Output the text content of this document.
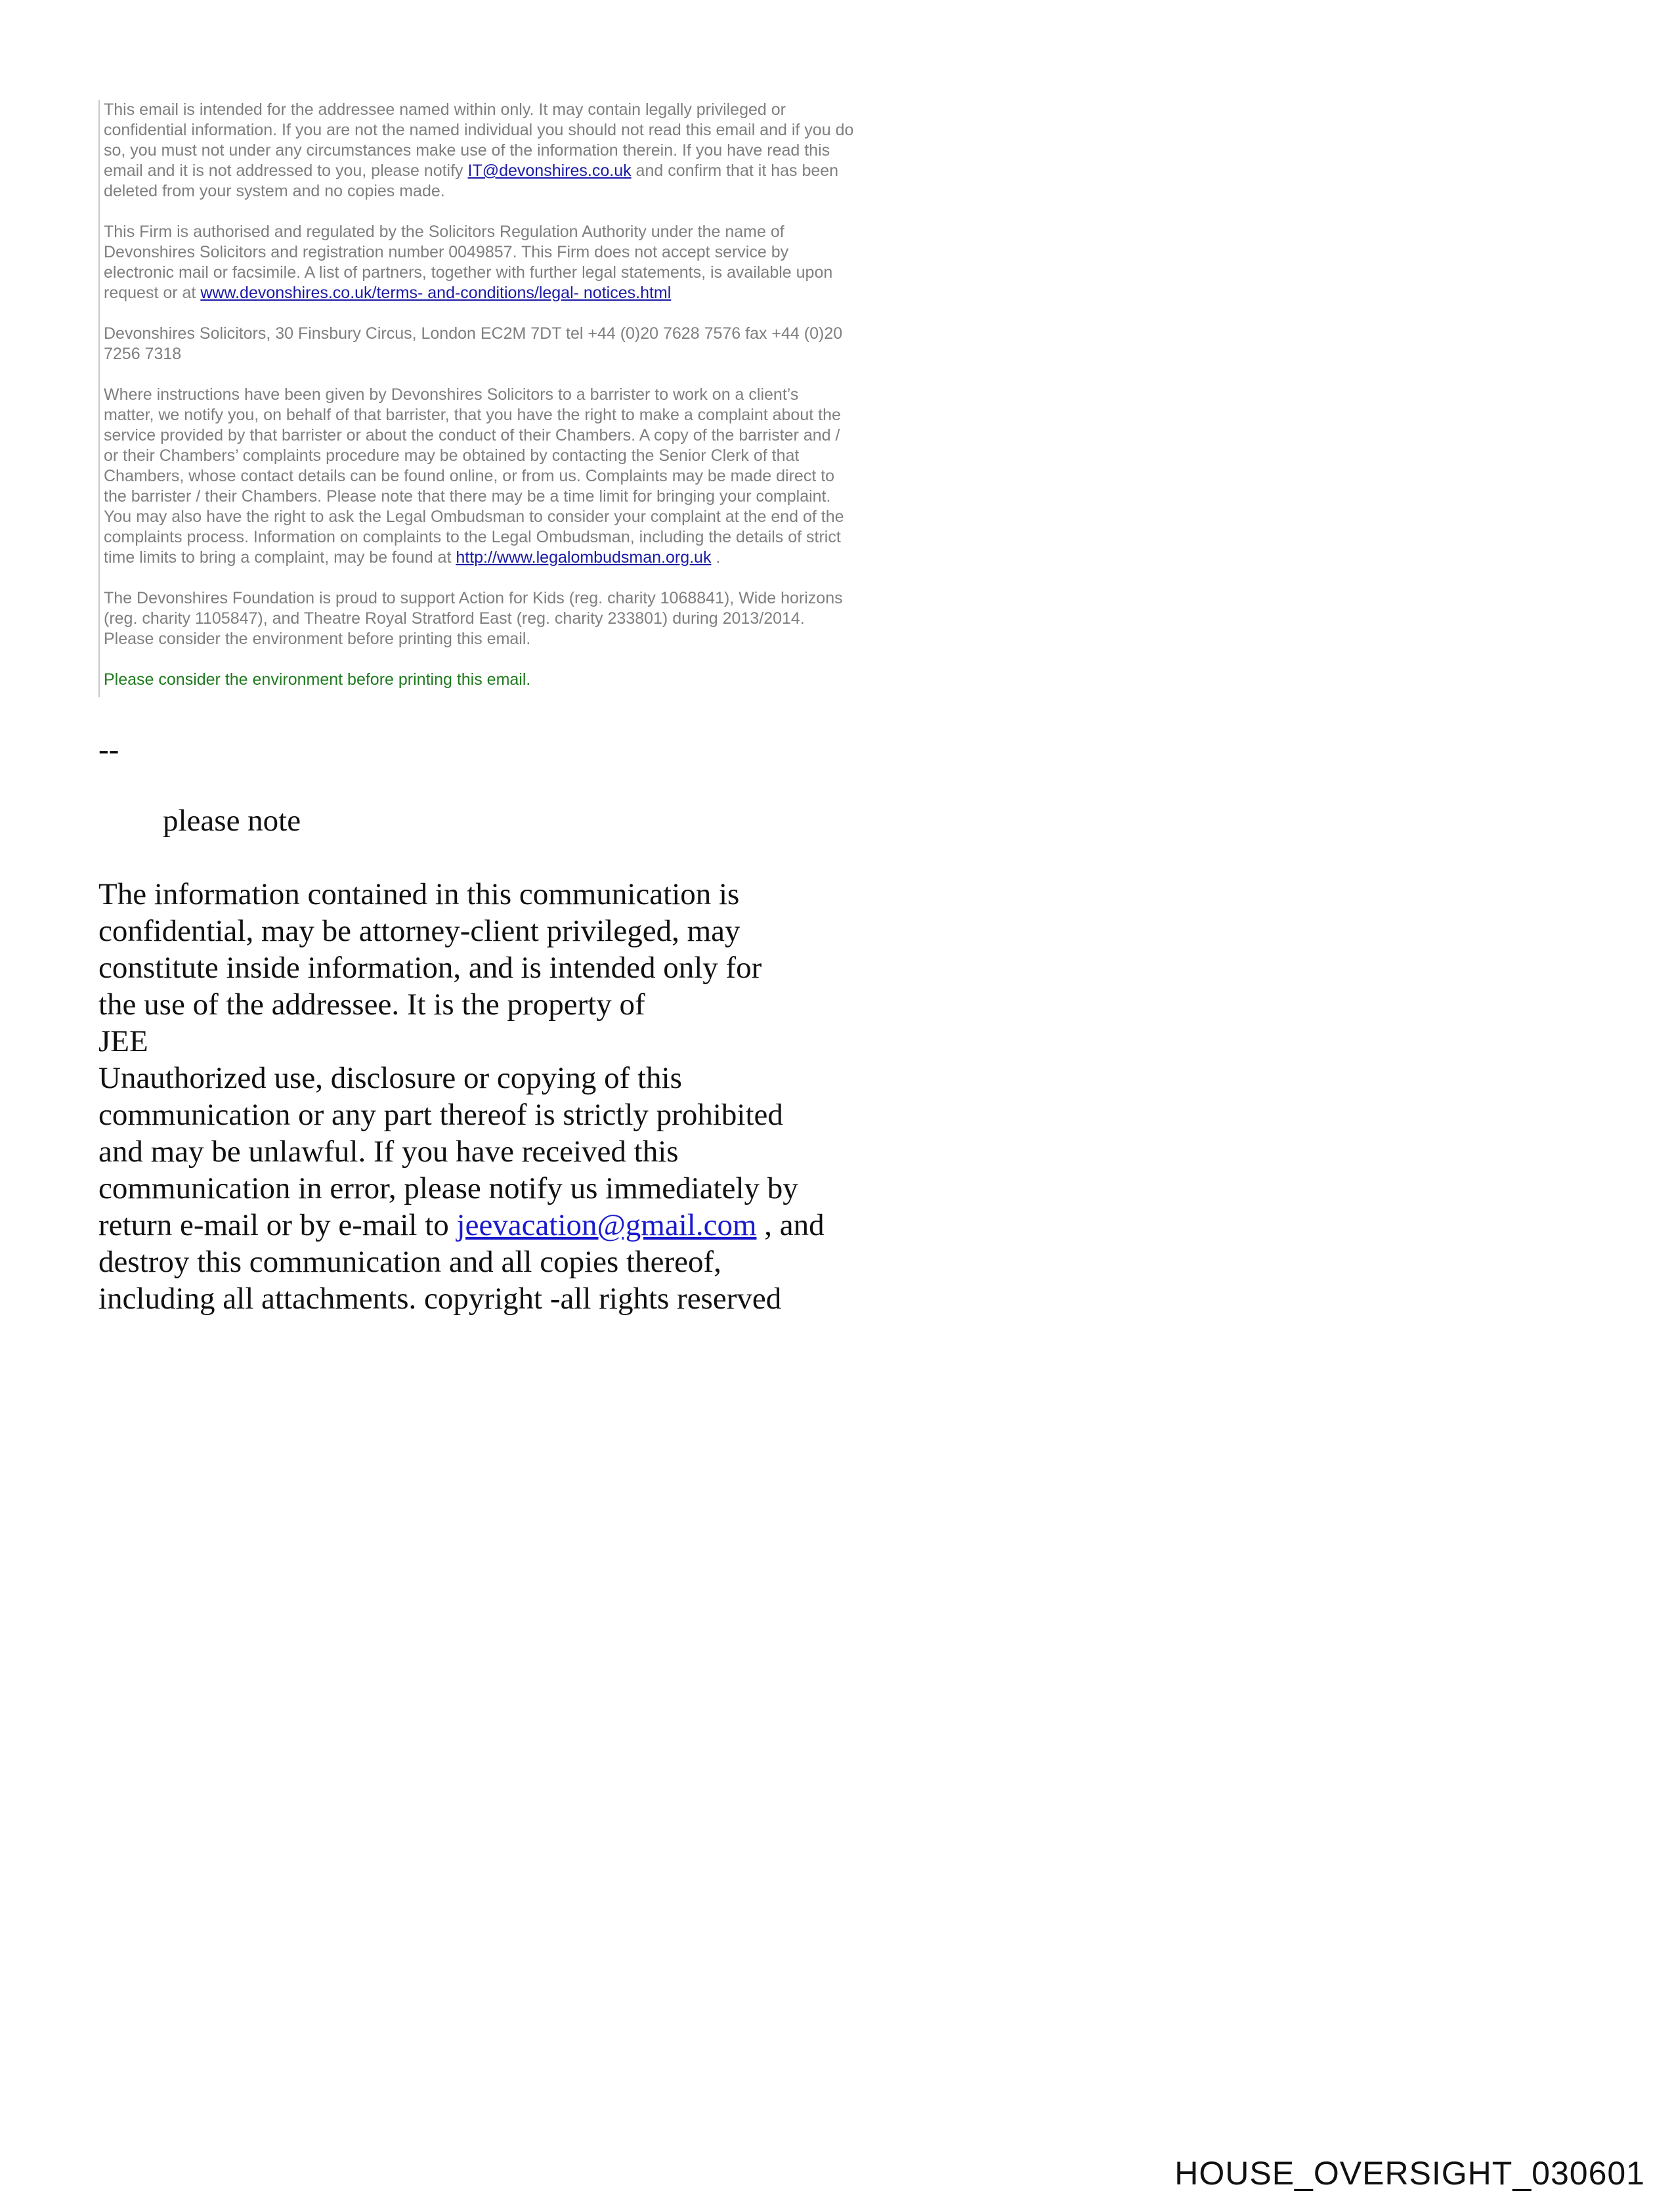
This email is intended for the addressee named within only. It may contain legally privileged or

confidential information. If you are not the named individual you should not read this email and if you do

so, you must not under any circumstances make use of the information therein. If you have read this

email and it is not addressed to you, please notify IT@devonshires.co.uk and confirm that it has been

deleted from your system and no copies made.

This Firm is authorised and regulated by the Solicitors Regulation Authority under the name of

Devonshires Solicitors and registration number 0049857. This Firm does not accept service by

electronic mail or facsimile. A list of partners, together with further legal statements, is available upon

request or at www.devonshires.co.uk/terms- and-conditions/legal- notices.html

Devonshires Solicitors, 30 Finsbury Circus, London EC2M 7DT tel +44 (0)20 7628 7576 fax +44 (0)20

7256 7318

Where instructions have been given by Devonshires Solicitors to a barrister to work on a client’s

matter, we notify you, on behalf of that barrister, that you have the right to make a complaint about the

service provided by that barrister or about the conduct of their Chambers. A copy of the barrister and /

or their Chambers’ complaints procedure may be obtained by contacting the Senior Clerk of that

Chambers, whose contact details can be found online, or from us. Complaints may be made direct to

the barrister / their Chambers. Please note that there may be a time limit for bringing your complaint.

You may also have the right to ask the Legal Ombudsman to consider your complaint at the end of the

complaints process. Information on complaints to the Legal Ombudsman, including the details of strict

time limits to bring a complaint, may be found at http://www.legalombudsman.org.uk .

The Devonshires Foundation is proud to support Action for Kids (reg. charity 1068841), Wide horizons

(reg. charity 1105847), and Theatre Royal Stratford East (reg. charity 233801) during 2013/2014.

Please consider the environment before printing this email.

Please consider the environment before printing this email.

--
please note
The information contained in this communication is
confidential, may be attorney-client privileged, may
constitute inside information, and is intended only for
the use of the addressee. It is the property of
JEE
Unauthorized use, disclosure or copying of this
communication or any part thereof is strictly prohibited
and may be unlawful. If you have received this
communication in error, please notify us immediately by
return e-mail or by e-mail to jeevacation@gmail.com , and
destroy this communication and all copies thereof,
including all attachments. copyright -all rights reserved
HOUSE_OVERSIGHT_030601
